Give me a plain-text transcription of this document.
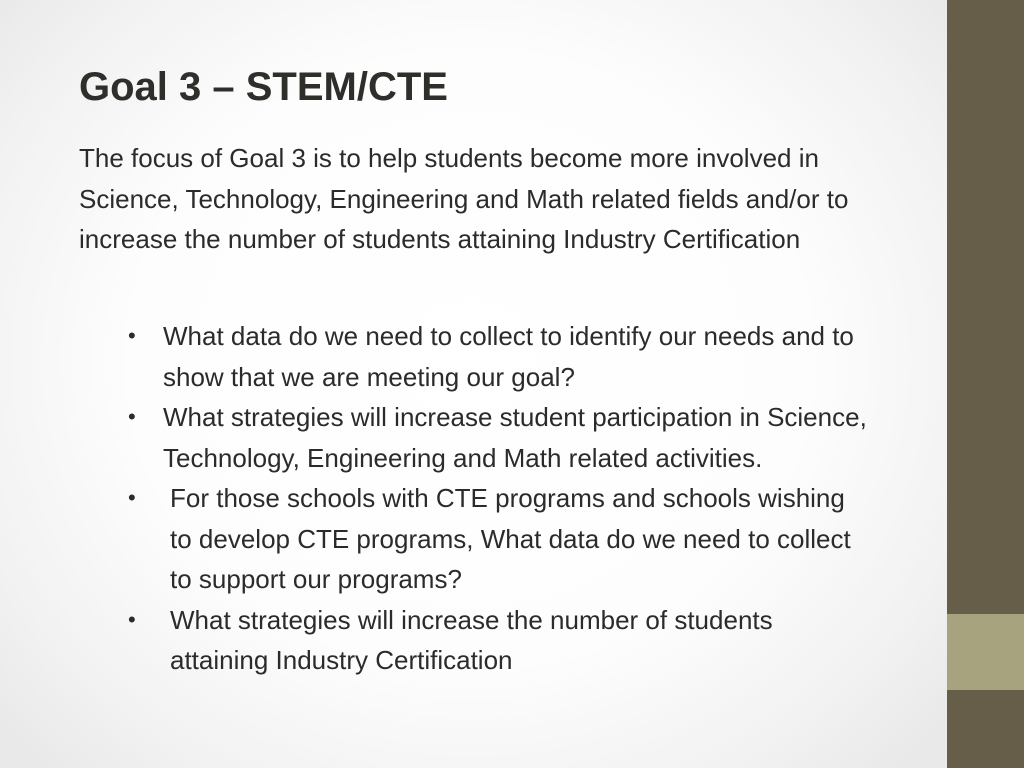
Goal 3 – STEM/CTE

The focus of Goal 3 is to help students become more involved in Science, Technology, Engineering and Math related fields and/or to increase the number of students attaining Industry Certification

• What data do we need to collect to identify our needs and to show that we are meeting our goal?
• What strategies will increase student participation in Science, Technology, Engineering and Math related activities.
• For those schools with CTE programs and schools wishing to develop CTE programs, What data do we need to collect to support our programs?
• What strategies will increase the number of students attaining Industry Certification
